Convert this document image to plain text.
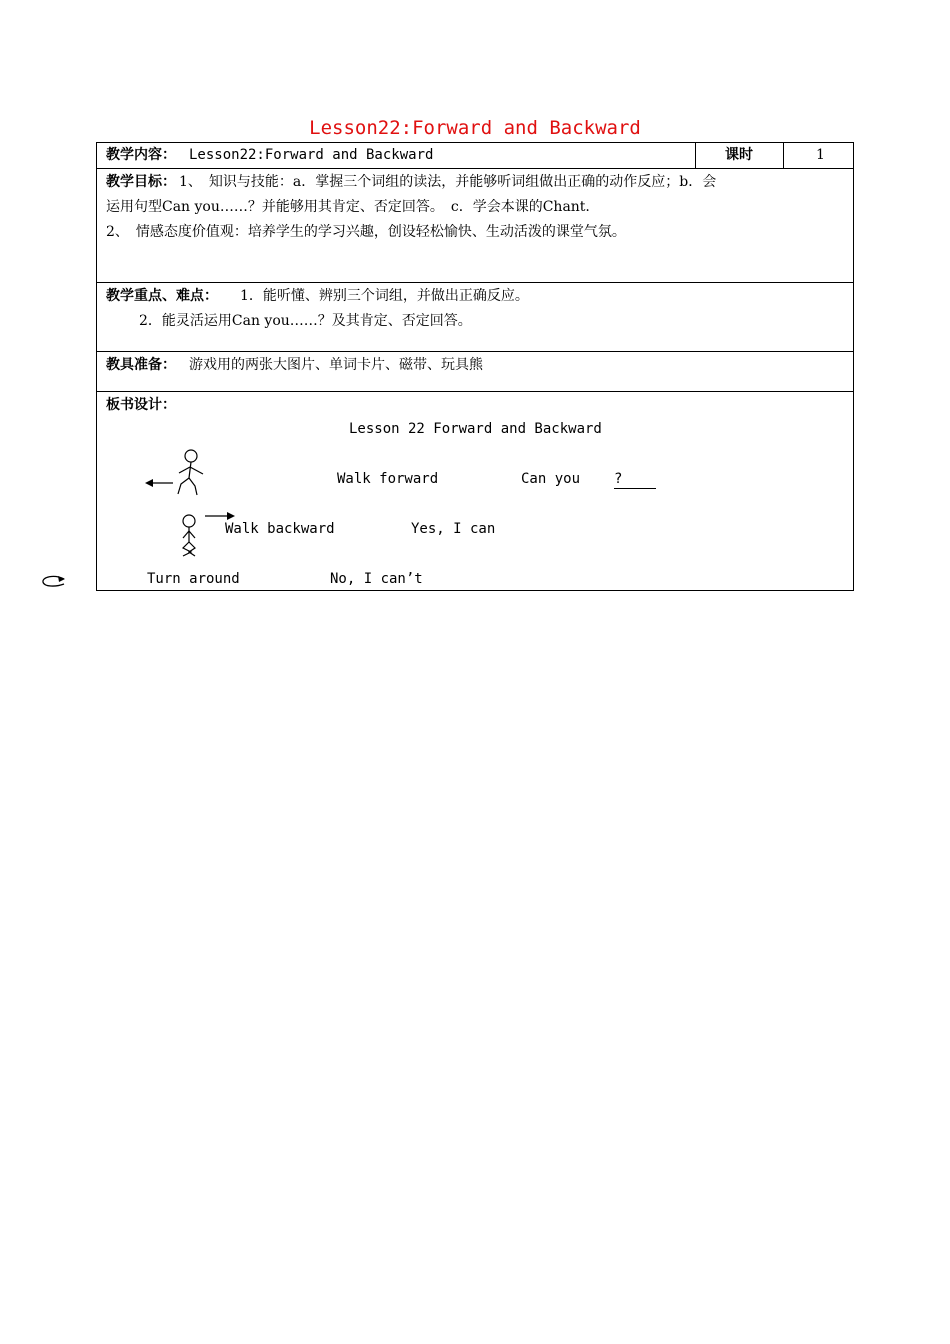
Lesson22:Forward and Backward
教学内容： Lesson22:Forward and Backward	课时	1
教学目标： 1、　知识与技能：a．掌握三个词组的读法，并能够听词组做出正确的动作反应；b．会
运用句型Can you……？并能够用其肯定、否定回答。　c．学会本课的Chant.
2、　情感态度价值观：培养学生的学习兴趣，创设轻松愉快、生动活泼的课堂气氛。
教学重点、难点： 1．能听懂、辨别三个词组，并做出正确反应。
2．能灵活运用Can you……？及其肯定、否定回答。
教具准备： 游戏用的两张大图片、单词卡片、磁带、玩具熊
板书设计：
Lesson 22 Forward and Backward
Walk forward	Can you ?
Walk backward	Yes, I can
Turn around	No, I can’t
